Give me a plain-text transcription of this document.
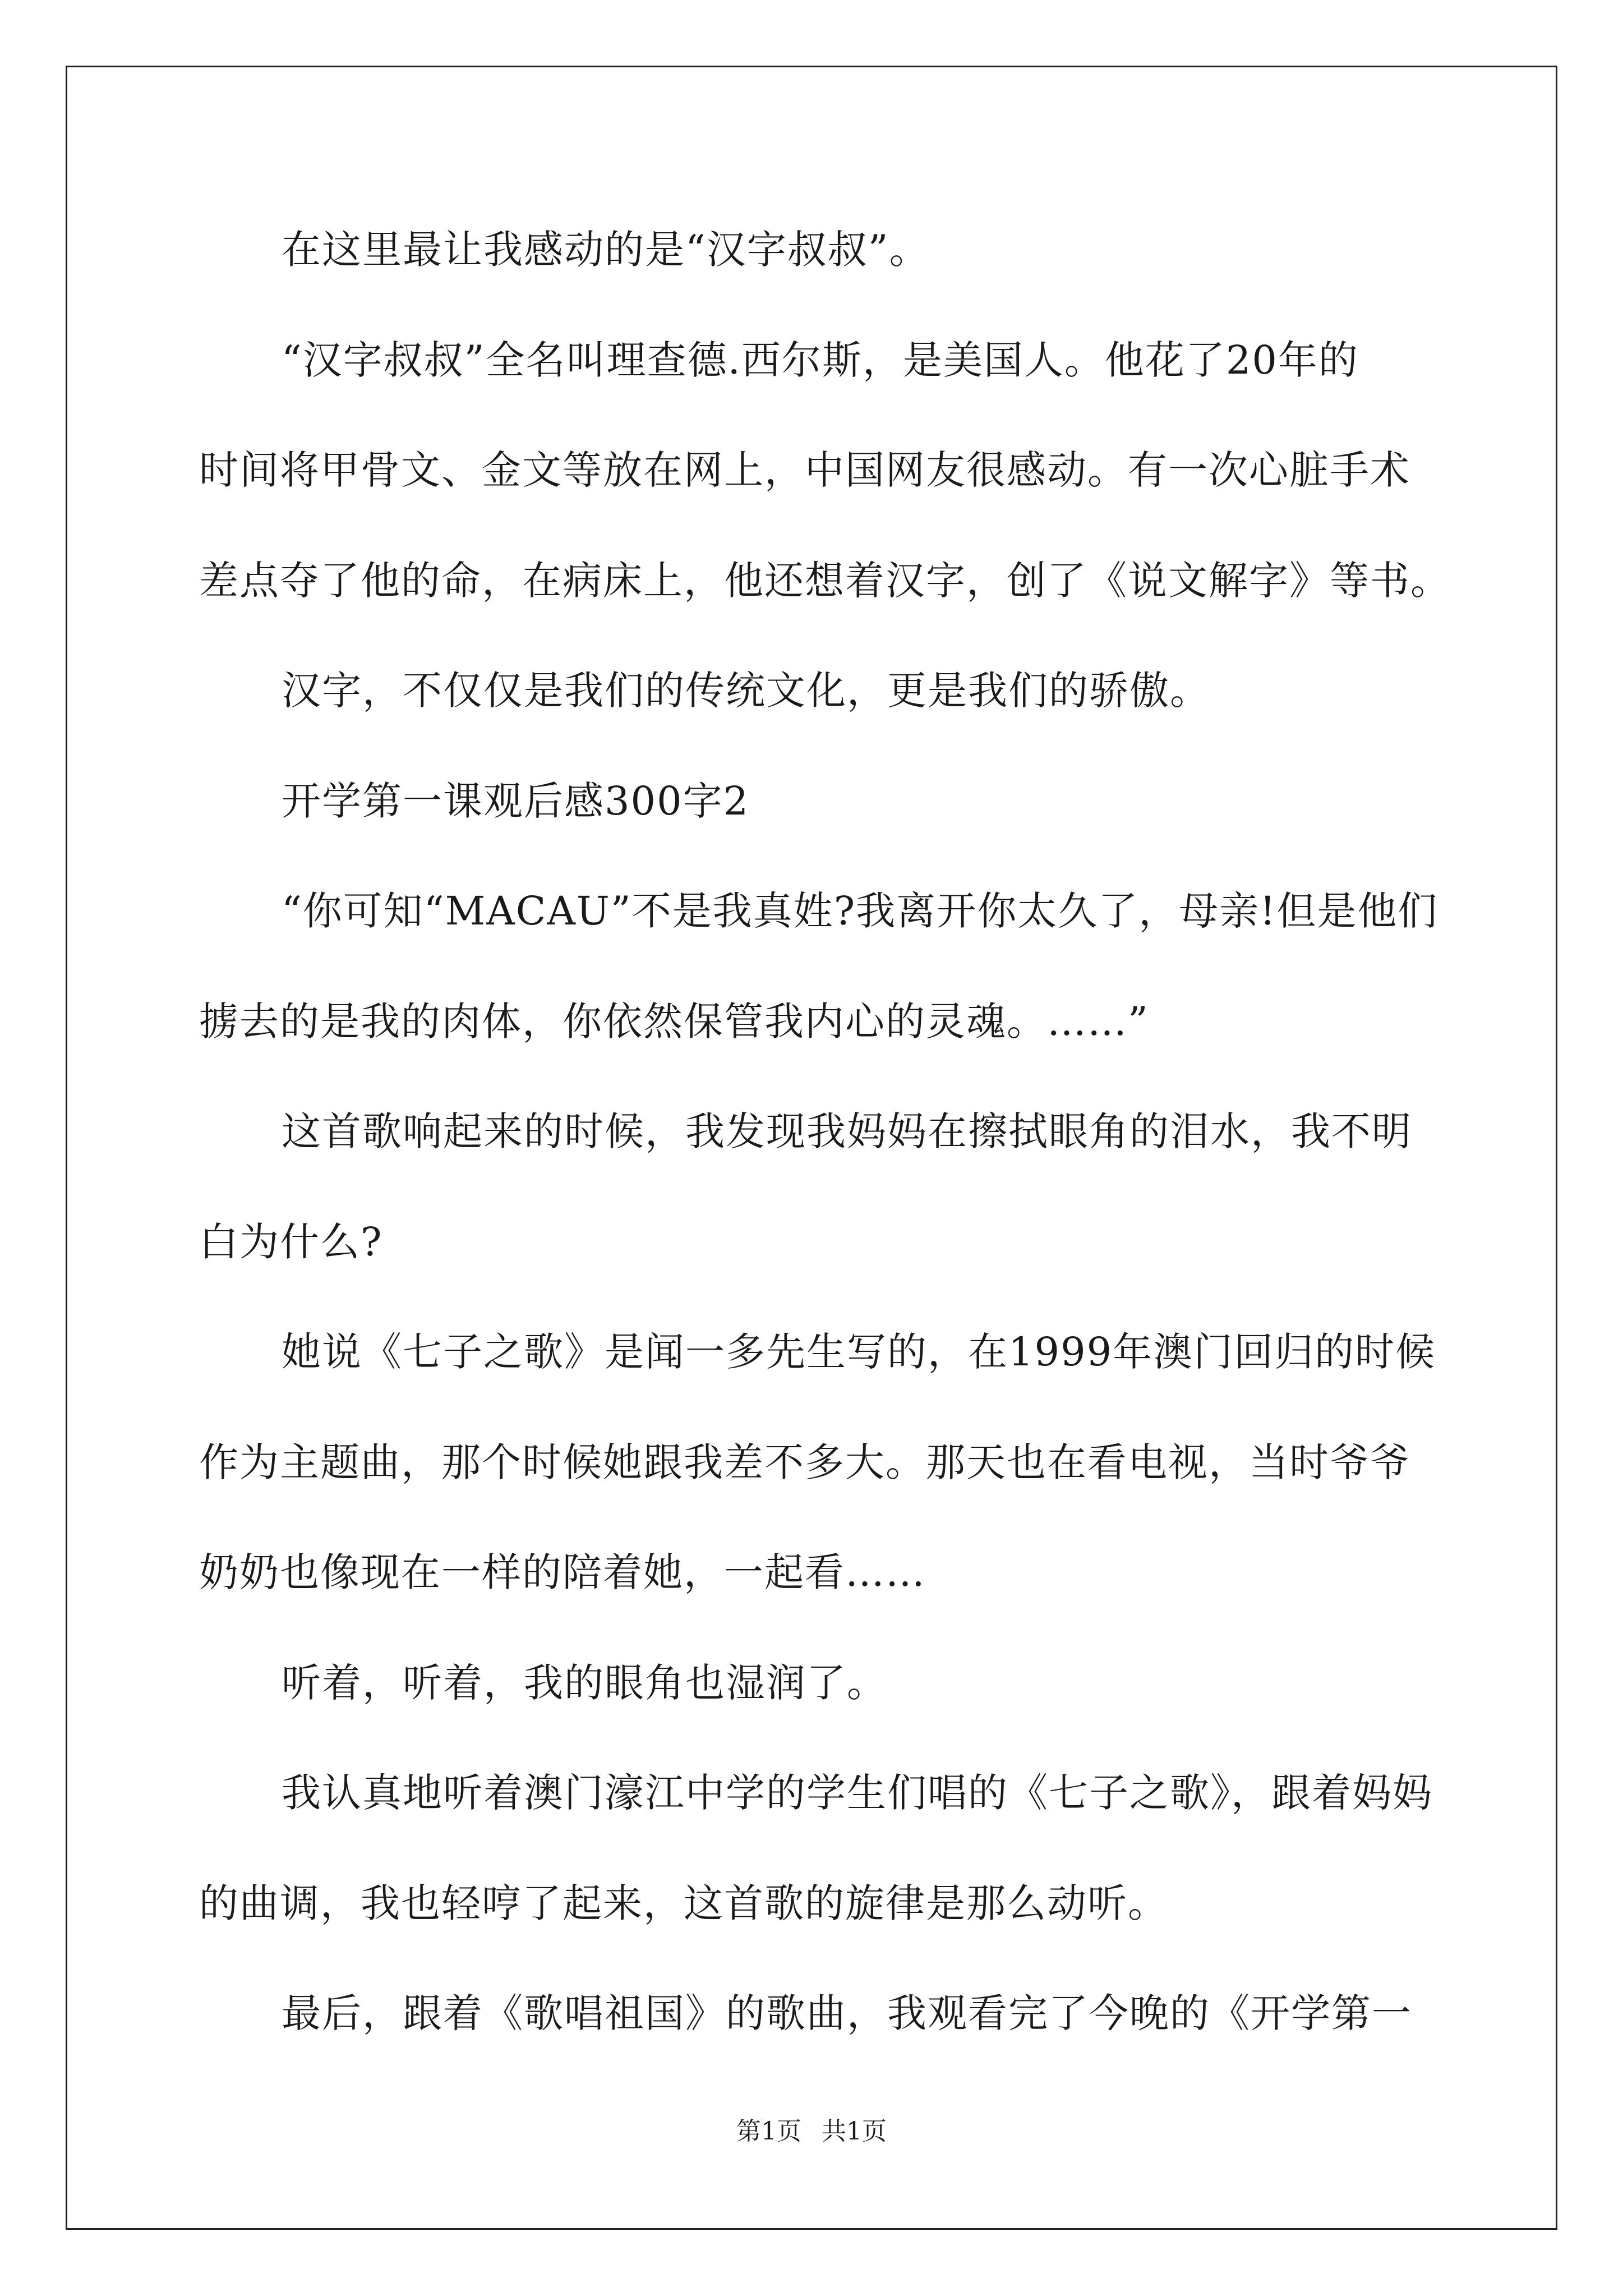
在这里最让我感动的是“汉字叔叔”。
“汉字叔叔”全名叫理查德.西尔斯，是美国人。他花了20年的
时间将甲骨文、金文等放在网上，中国网友很感动。有一次心脏手术
差点夺了他的命，在病床上，他还想着汉字，创了《说文解字》等书。
汉字，不仅仅是我们的传统文化，更是我们的骄傲。
开学第一课观后感300字2
“你可知“MACAU”不是我真姓?我离开你太久了，母亲!但是他们
掳去的是我的肉体，你依然保管我内心的灵魂。……”
这首歌响起来的时候，我发现我妈妈在擦拭眼角的泪水，我不明
白为什么?
她说《七子之歌》是闻一多先生写的，在1999年澳门回归的时候
作为主题曲，那个时候她跟我差不多大。那天也在看电视，当时爷爷
奶奶也像现在一样的陪着她，一起看……
听着，听着，我的眼角也湿润了。
我认真地听着澳门濠江中学的学生们唱的《七子之歌》，跟着妈妈
的曲调，我也轻哼了起来，这首歌的旋律是那么动听。
最后，跟着《歌唱祖国》的歌曲，我观看完了今晚的《开学第一
第1页 共1页
